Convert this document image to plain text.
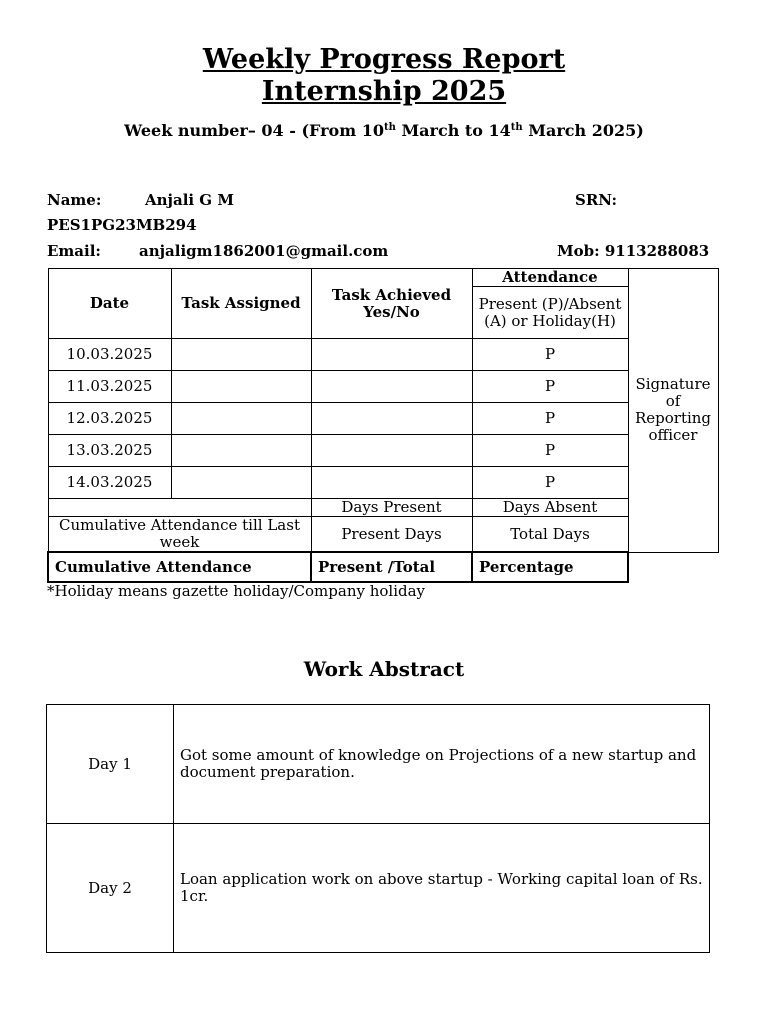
Weekly Progress Report
Internship 2025
Week number– 04 - (From 10th March to 14th March 2025)
Name:	Anjali G M	SRN:
PES1PG23MB294
Email:	anjaligm1862001@gmail.com	Mob: 9113288083
Date	Task Assigned	Task Achieved Yes/No	Attendance	Signature of Reporting officer
			Present (P)/Absent (A) or Holiday(H)	
10.03.2025			P	
11.03.2025			P	
12.03.2025			P	
13.03.2025			P	
14.03.2025			P	
		Days Present	Days Absent	
Cumulative Attendance till Last week		Present Days	Total Days	
Cumulative Attendance		Present /Total	Percentage	
*Holiday means gazette holiday/Company holiday
Work Abstract
Day 1	Got some amount of knowledge on Projections of a new startup and document preparation.
Day 2	Loan application work on above startup - Working capital loan of Rs. 1cr.
